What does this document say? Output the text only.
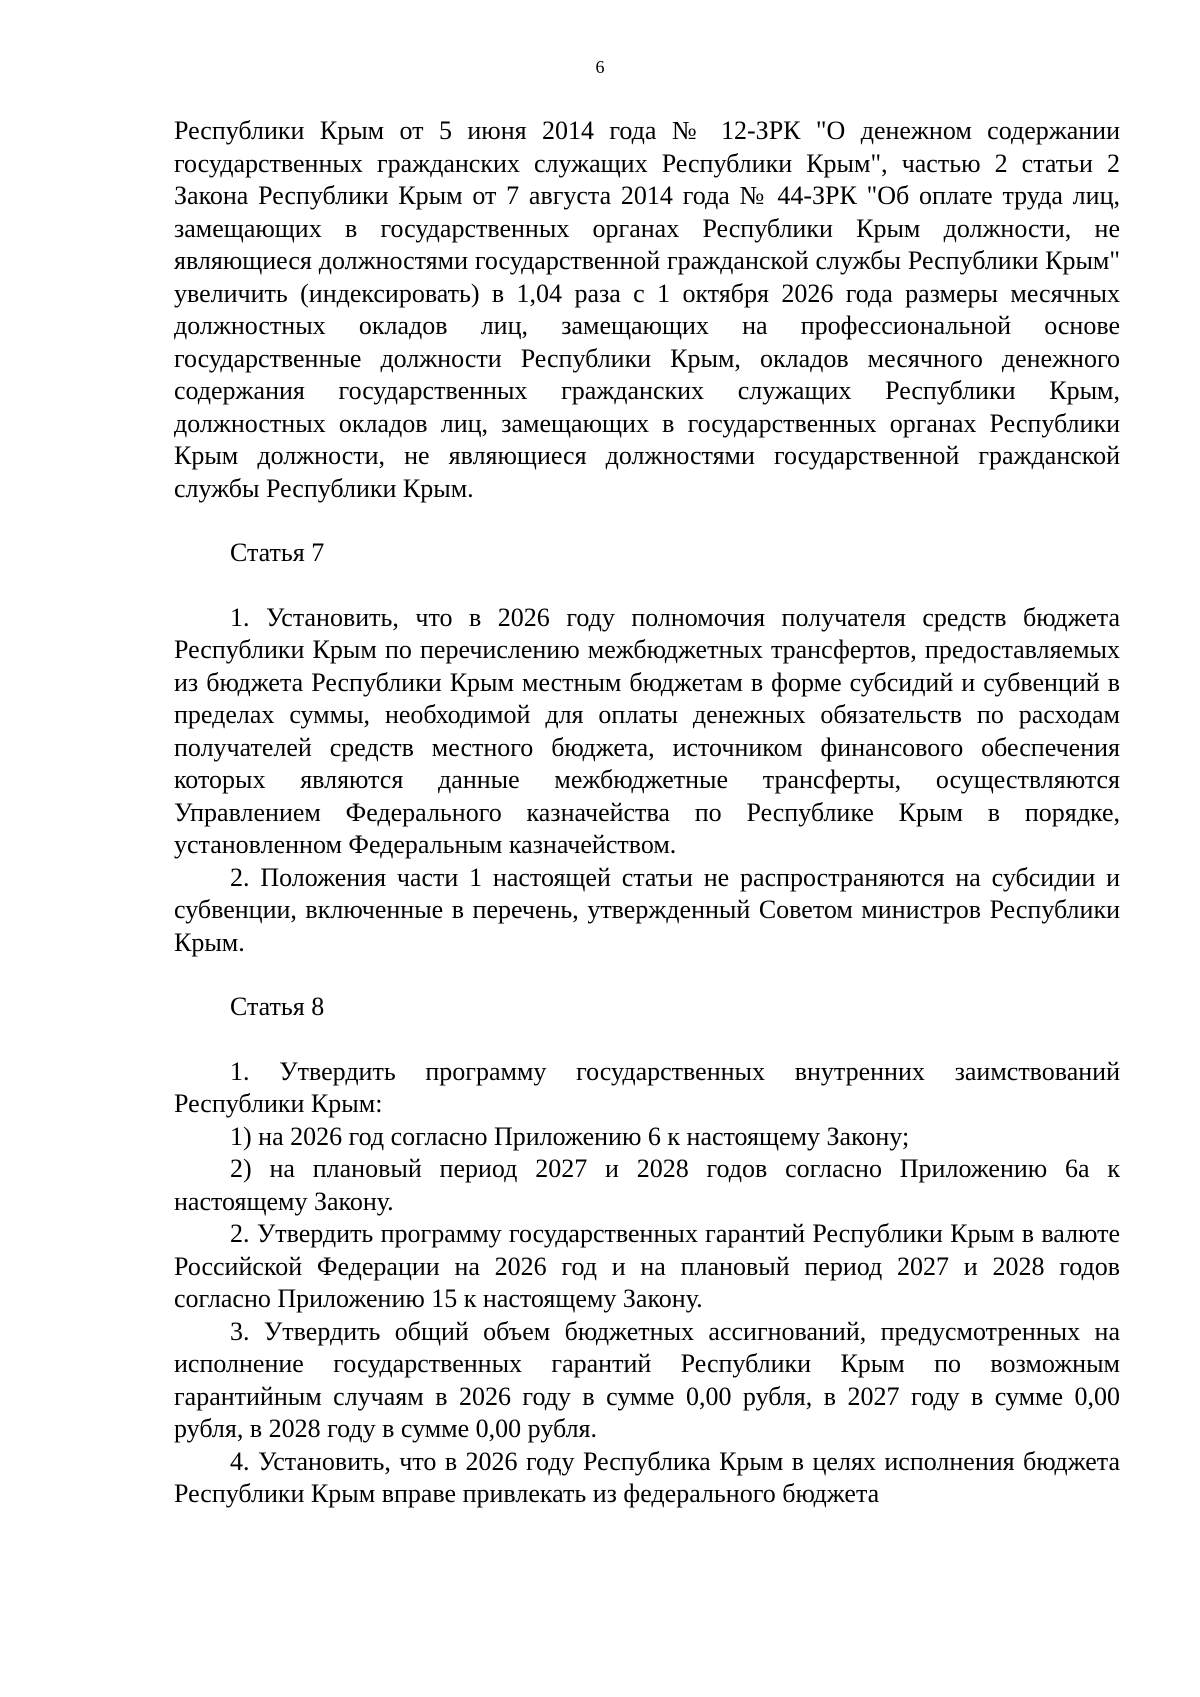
6

Республики Крым от 5 июня 2014 года № 12-ЗРК "О денежном содержании государственных гражданских служащих Республики Крым", частью 2 статьи 2 Закона Республики Крым от 7 августа 2014 года № 44-ЗРК "Об оплате труда лиц, замещающих в государственных органах Республики Крым должности, не являющиеся должностями государственной гражданской службы Республики Крым" увеличить (индексировать) в 1,04 раза с 1 октября 2026 года размеры месячных должностных окладов лиц, замещающих на профессиональной основе государственные должности Республики Крым, окладов месячного денежного содержания государственных гражданских служащих Республики Крым, должностных окладов лиц, замещающих в государственных органах Республики Крым должности, не являющиеся должностями государственной гражданской службы Республики Крым.

Статья 7

1. Установить, что в 2026 году полномочия получателя средств бюджета Республики Крым по перечислению межбюджетных трансфертов, предоставляемых из бюджета Республики Крым местным бюджетам в форме субсидий и субвенций в пределах суммы, необходимой для оплаты денежных обязательств по расходам получателей средств местного бюджета, источником финансового обеспечения которых являются данные межбюджетные трансферты, осуществляются Управлением Федерального казначейства по Республике Крым в порядке, установленном Федеральным казначейством.

2. Положения части 1 настоящей статьи не распространяются на субсидии и субвенции, включенные в перечень, утвержденный Советом министров Республики Крым.

Статья 8

1. Утвердить программу государственных внутренних заимствований Республики Крым:

1) на 2026 год согласно Приложению 6 к настоящему Закону;

2) на плановый период 2027 и 2028 годов согласно Приложению 6а к настоящему Закону.

2. Утвердить программу государственных гарантий Республики Крым в валюте Российской Федерации на 2026 год и на плановый период 2027 и 2028 годов согласно Приложению 15 к настоящему Закону.

3. Утвердить общий объем бюджетных ассигнований, предусмотренных на исполнение государственных гарантий Республики Крым по возможным гарантийным случаям в 2026 году в сумме 0,00 рубля, в 2027 году в сумме 0,00 рубля, в 2028 году в сумме 0,00 рубля.

4. Установить, что в 2026 году Республика Крым в целях исполнения бюджета Республики Крым вправе привлекать из федерального бюджета
